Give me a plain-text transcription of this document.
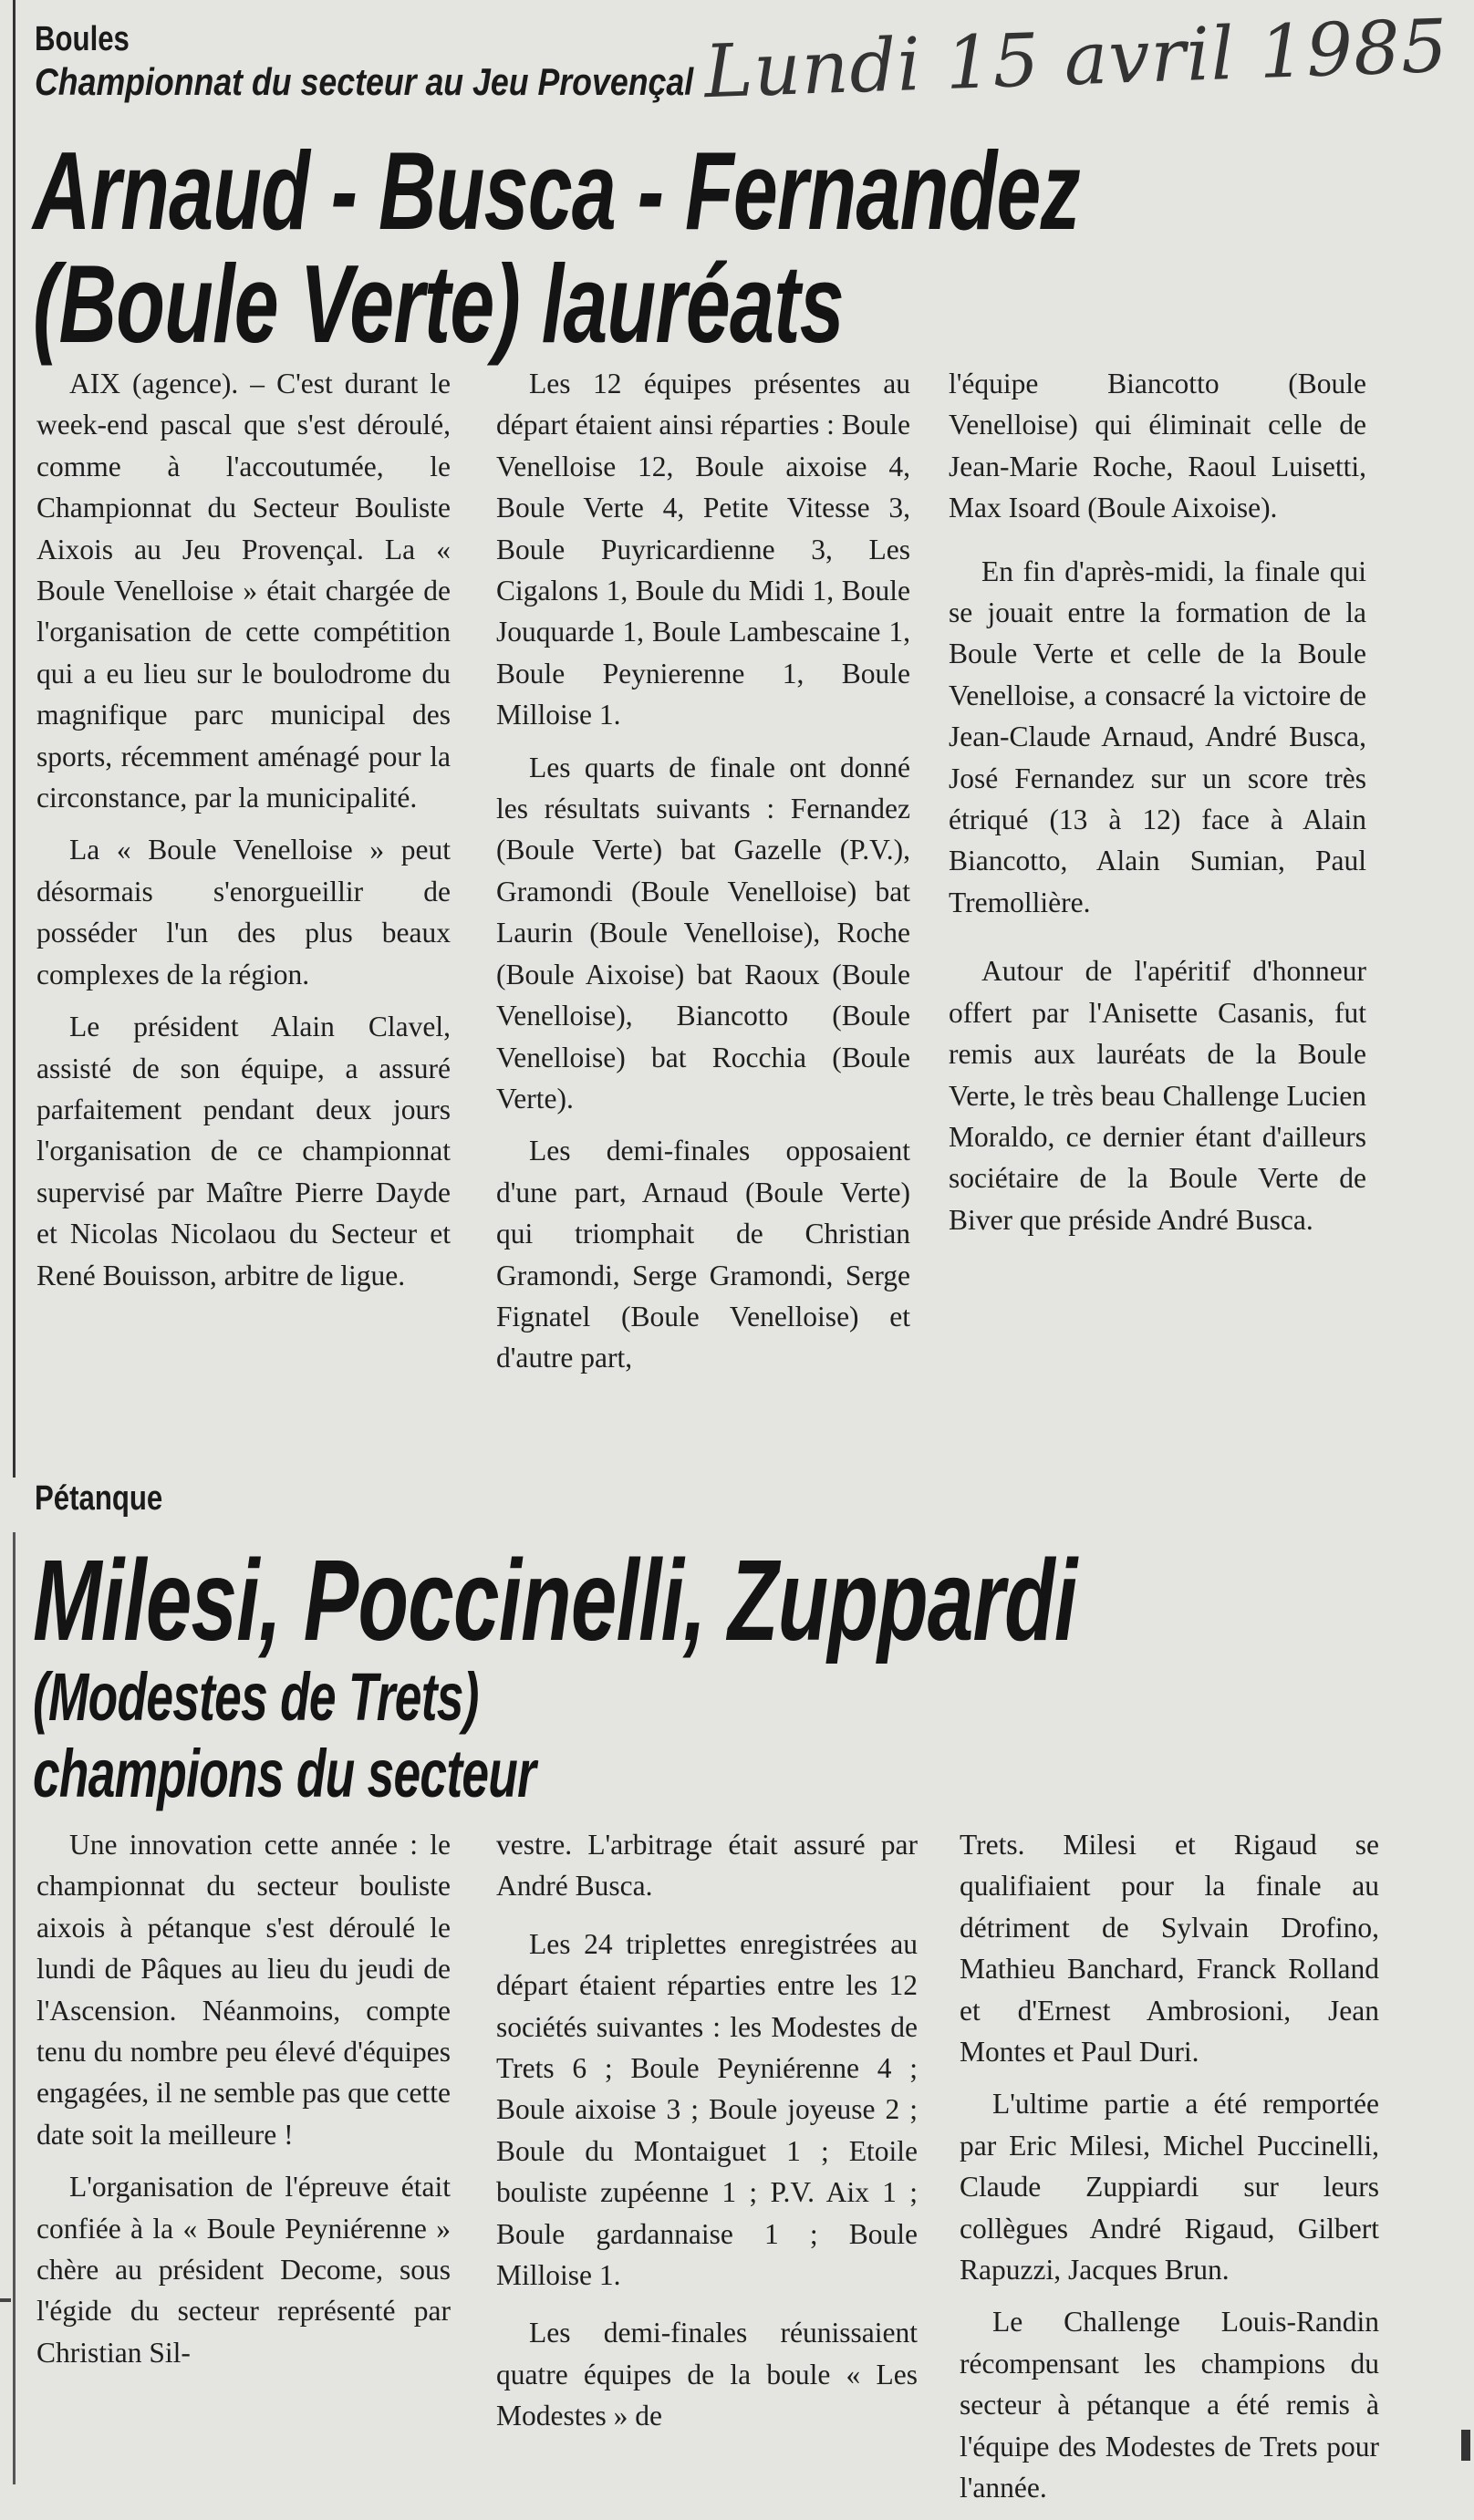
Lundi 15 avril 1985
Boules
Championnat du secteur au Jeu Provençal
Arnaud - Busca - Fernandez
(Boule Verte) lauréats

AIX (agence). – C'est durant le week-end pascal que s'est déroulé, comme à l'accoutumée, le Championnat du Secteur Bouliste Aixois au Jeu Provençal. La « Boule Venelloise » était chargée de l'organisation de cette compétition qui a eu lieu sur le boulodrome du magnifique parc municipal des sports, récemment aménagé pour la circonstance, par la municipalité.

La « Boule Venelloise » peut désormais s'enorgueillir de posséder l'un des plus beaux complexes de la région.

Le président Alain Clavel, assisté de son équipe, a assuré parfaitement pendant deux jours l'organisation de ce championnat supervisé par Maître Pierre Dayde et Nicolas Nicolaou du Secteur et René Bouisson, arbitre de ligue.

Les 12 équipes présentes au départ étaient ainsi réparties : Boule Venelloise 12, Boule aixoise 4, Boule Verte 4, Petite Vitesse 3, Boule Puyricardienne 3, Les Cigalons 1, Boule du Midi 1, Boule Jouquarde 1, Boule Lambescaine 1, Boule Peynierenne 1, Boule Milloise 1.

Les quarts de finale ont donné les résultats suivants : Fernandez (Boule Verte) bat Gazelle (P.V.), Gramondi (Boule Venelloise) bat Laurin (Boule Venelloise), Roche (Boule Aixoise) bat Raoux (Boule Venelloise), Biancotto (Boule Venelloise) bat Rocchia (Boule Verte).

Les demi-finales opposaient d'une part, Arnaud (Boule Verte) qui triomphait de Christian Gramondi, Serge Gramondi, Serge Fignatel (Boule Venelloise) et d'autre part,

l'équipe Biancotto (Boule Venelloise) qui éliminait celle de Jean-Marie Roche, Raoul Luisetti, Max Isoard (Boule Aixoise).

En fin d'après-midi, la finale qui se jouait entre la formation de la Boule Verte et celle de la Boule Venelloise, a consacré la victoire de Jean-Claude Arnaud, André Busca, José Fernandez sur un score très étriqué (13 à 12) face à Alain Biancotto, Alain Sumian, Paul Tremollière.

Autour de l'apéritif d'honneur offert par l'Anisette Casanis, fut remis aux lauréats de la Boule Verte, le très beau Challenge Lucien Moraldo, ce dernier étant d'ailleurs sociétaire de la Boule Verte de Biver que préside André Busca.

Pétanque
Milesi, Poccinelli, Zuppardi
(Modestes de Trets)
champions du secteur

Une innovation cette année : le championnat du secteur bouliste aixois à pétanque s'est déroulé le lundi de Pâques au lieu du jeudi de l'Ascension. Néanmoins, compte tenu du nombre peu élevé d'équipes engagées, il ne semble pas que cette date soit la meilleure !

L'organisation de l'épreuve était confiée à la « Boule Peyniérenne » chère au président Decome, sous l'égide du secteur représenté par Christian Sil-

vestre. L'arbitrage était assuré par André Busca.

Les 24 triplettes enregistrées au départ étaient réparties entre les 12 sociétés suivantes : les Modestes de Trets 6 ; Boule Peyniérenne 4 ; Boule aixoise 3 ; Boule joyeuse 2 ; Boule du Montaiguet 1 ; Etoile bouliste zupéenne 1 ; P.V. Aix 1 ; Boule gardannaise 1 ; Boule Milloise 1.

Les demi-finales réunissaient quatre équipes de la boule « Les Modestes » de

Trets. Milesi et Rigaud se qualifiaient pour la finale au détriment de Sylvain Drofino, Mathieu Banchard, Franck Rolland et d'Ernest Ambrosioni, Jean Montes et Paul Duri.

L'ultime partie a été remportée par Eric Milesi, Michel Puccinelli, Claude Zuppiardi sur leurs collègues André Rigaud, Gilbert Rapuzzi, Jacques Brun.

Le Challenge Louis-Randin récompensant les champions du secteur à pétanque a été remis à l'équipe des Modestes de Trets pour l'année.
